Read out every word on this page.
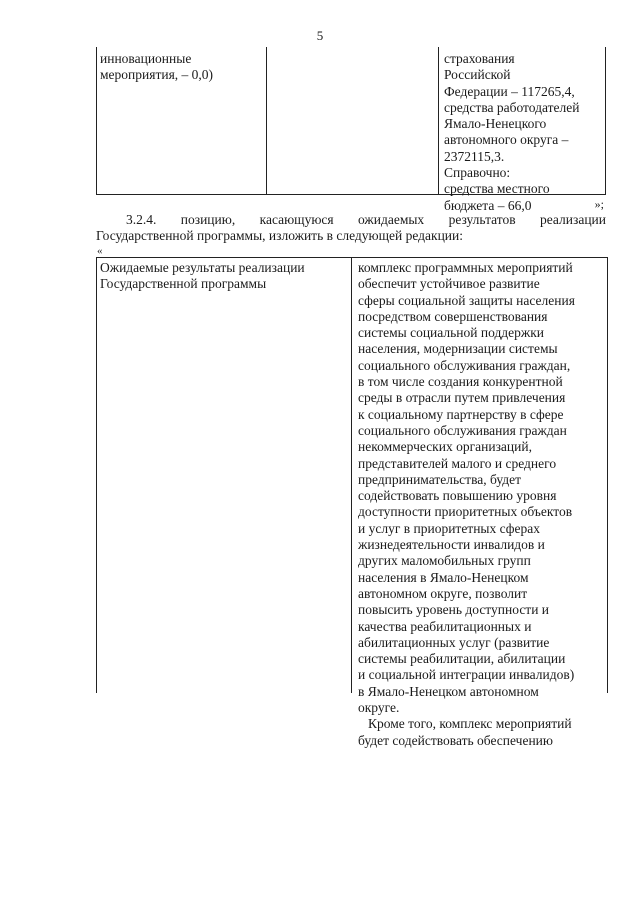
5
инновационные
мероприятия, – 0,0)
страхования
Российской
Федерации – 117265,4,
средства работодателей
Ямало-Ненецкого
автономного округа –
2372115,3.
Справочно:
средства местного
бюджета – 66,0	»;
3.2.4. позицию, касающуюся ожидаемых результатов реализации
Государственной программы, изложить в следующей редакции:
«
Ожидаемые результаты реализации
Государственной программы
комплекс программных мероприятий
обеспечит устойчивое развитие
сферы социальной защиты населения
посредством совершенствования
системы социальной поддержки
населения, модернизации системы
социального обслуживания граждан,
в том числе создания конкурентной
среды в отрасли путем привлечения
к социальному партнерству в сфере
социального обслуживания граждан
некоммерческих организаций,
представителей малого и среднего
предпринимательства, будет
содействовать повышению уровня
доступности приоритетных объектов
и услуг в приоритетных сферах
жизнедеятельности инвалидов и
других маломобильных групп
населения в Ямало-Ненецком
автономном округе, позволит
повысить уровень доступности и
качества реабилитационных и
абилитационных услуг (развитие
системы реабилитации, абилитации
и социальной интеграции инвалидов)
в Ямало-Ненецком автономном
округе.
Кроме того, комплекс мероприятий
будет содействовать обеспечению
